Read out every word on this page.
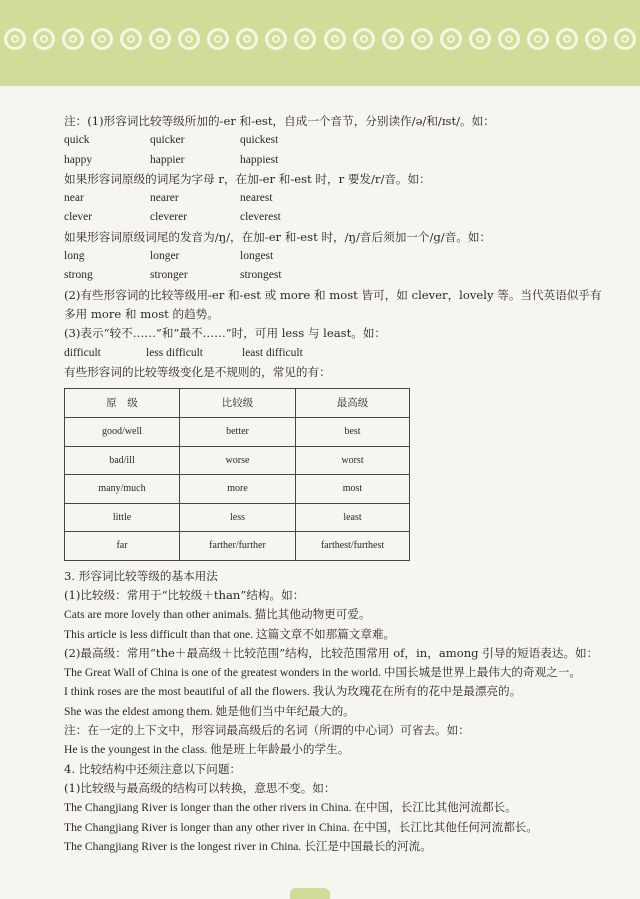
注：(1)形容词比较等级所加的-er 和-est，自成一个音节，分别读作/ə/和/ɪst/。如：

quick	quicker	quickest
happy	happier	happiest

如果形容词原级的词尾为字母 r，在加-er 和-est 时，r 要发/r/音。如：

near	nearer	nearest
clever	cleverer	cleverest

如果形容词原级词尾的发音为/ŋ/，在加-er 和-est 时，/ŋ/音后须加一个/g/音。如：

long	longer	longest
strong	stronger	strongest

(2)有些形容词的比较等级用-er 和-est 或 more 和 most 皆可，如 clever，lovely 等。当代英语似乎有多用 more 和 most 的趋势。

(3)表示“较不……”和“最不……”时，可用 less 与 least。如：

difficult	less difficult	least difficult

有些形容词的比较等级变化是不规则的，常见的有：

原　级	比较级	最高级
good/well	better	best
bad/ill	worse	worst
many/much	more	most
little	less	least
far	farther/further	farthest/furthest

3. 形容词比较等级的基本用法

(1)比较级：常用于“比较级＋than”结构。如：

Cats are more lovely than other animals. 猫比其他动物更可爱。

This article is less difficult than that one. 这篇文章不如那篇文章难。

(2)最高级：常用“the＋最高级＋比较范围”结构，比较范围常用 of，in，among 引导的短语表达。如：

The Great Wall of China is one of the greatest wonders in the world. 中国长城是世界上最伟大的奇观之一。

I think roses are the most beautiful of all the flowers. 我认为玫瑰花在所有的花中是最漂亮的。

She was the eldest among them. 她是他们当中年纪最大的。

注：在一定的上下文中，形容词最高级后的名词（所谓的中心词）可省去。如：

He is the youngest in the class. 他是班上年龄最小的学生。

4. 比较结构中还须注意以下问题：

(1)比较级与最高级的结构可以转换，意思不变。如：

The Changjiang River is longer than the other rivers in China. 在中国，长江比其他河流都长。

The Changjiang River is longer than any other river in China. 在中国，长江比其他任何河流都长。

The Changjiang River is the longest river in China. 长江是中国最长的河流。
